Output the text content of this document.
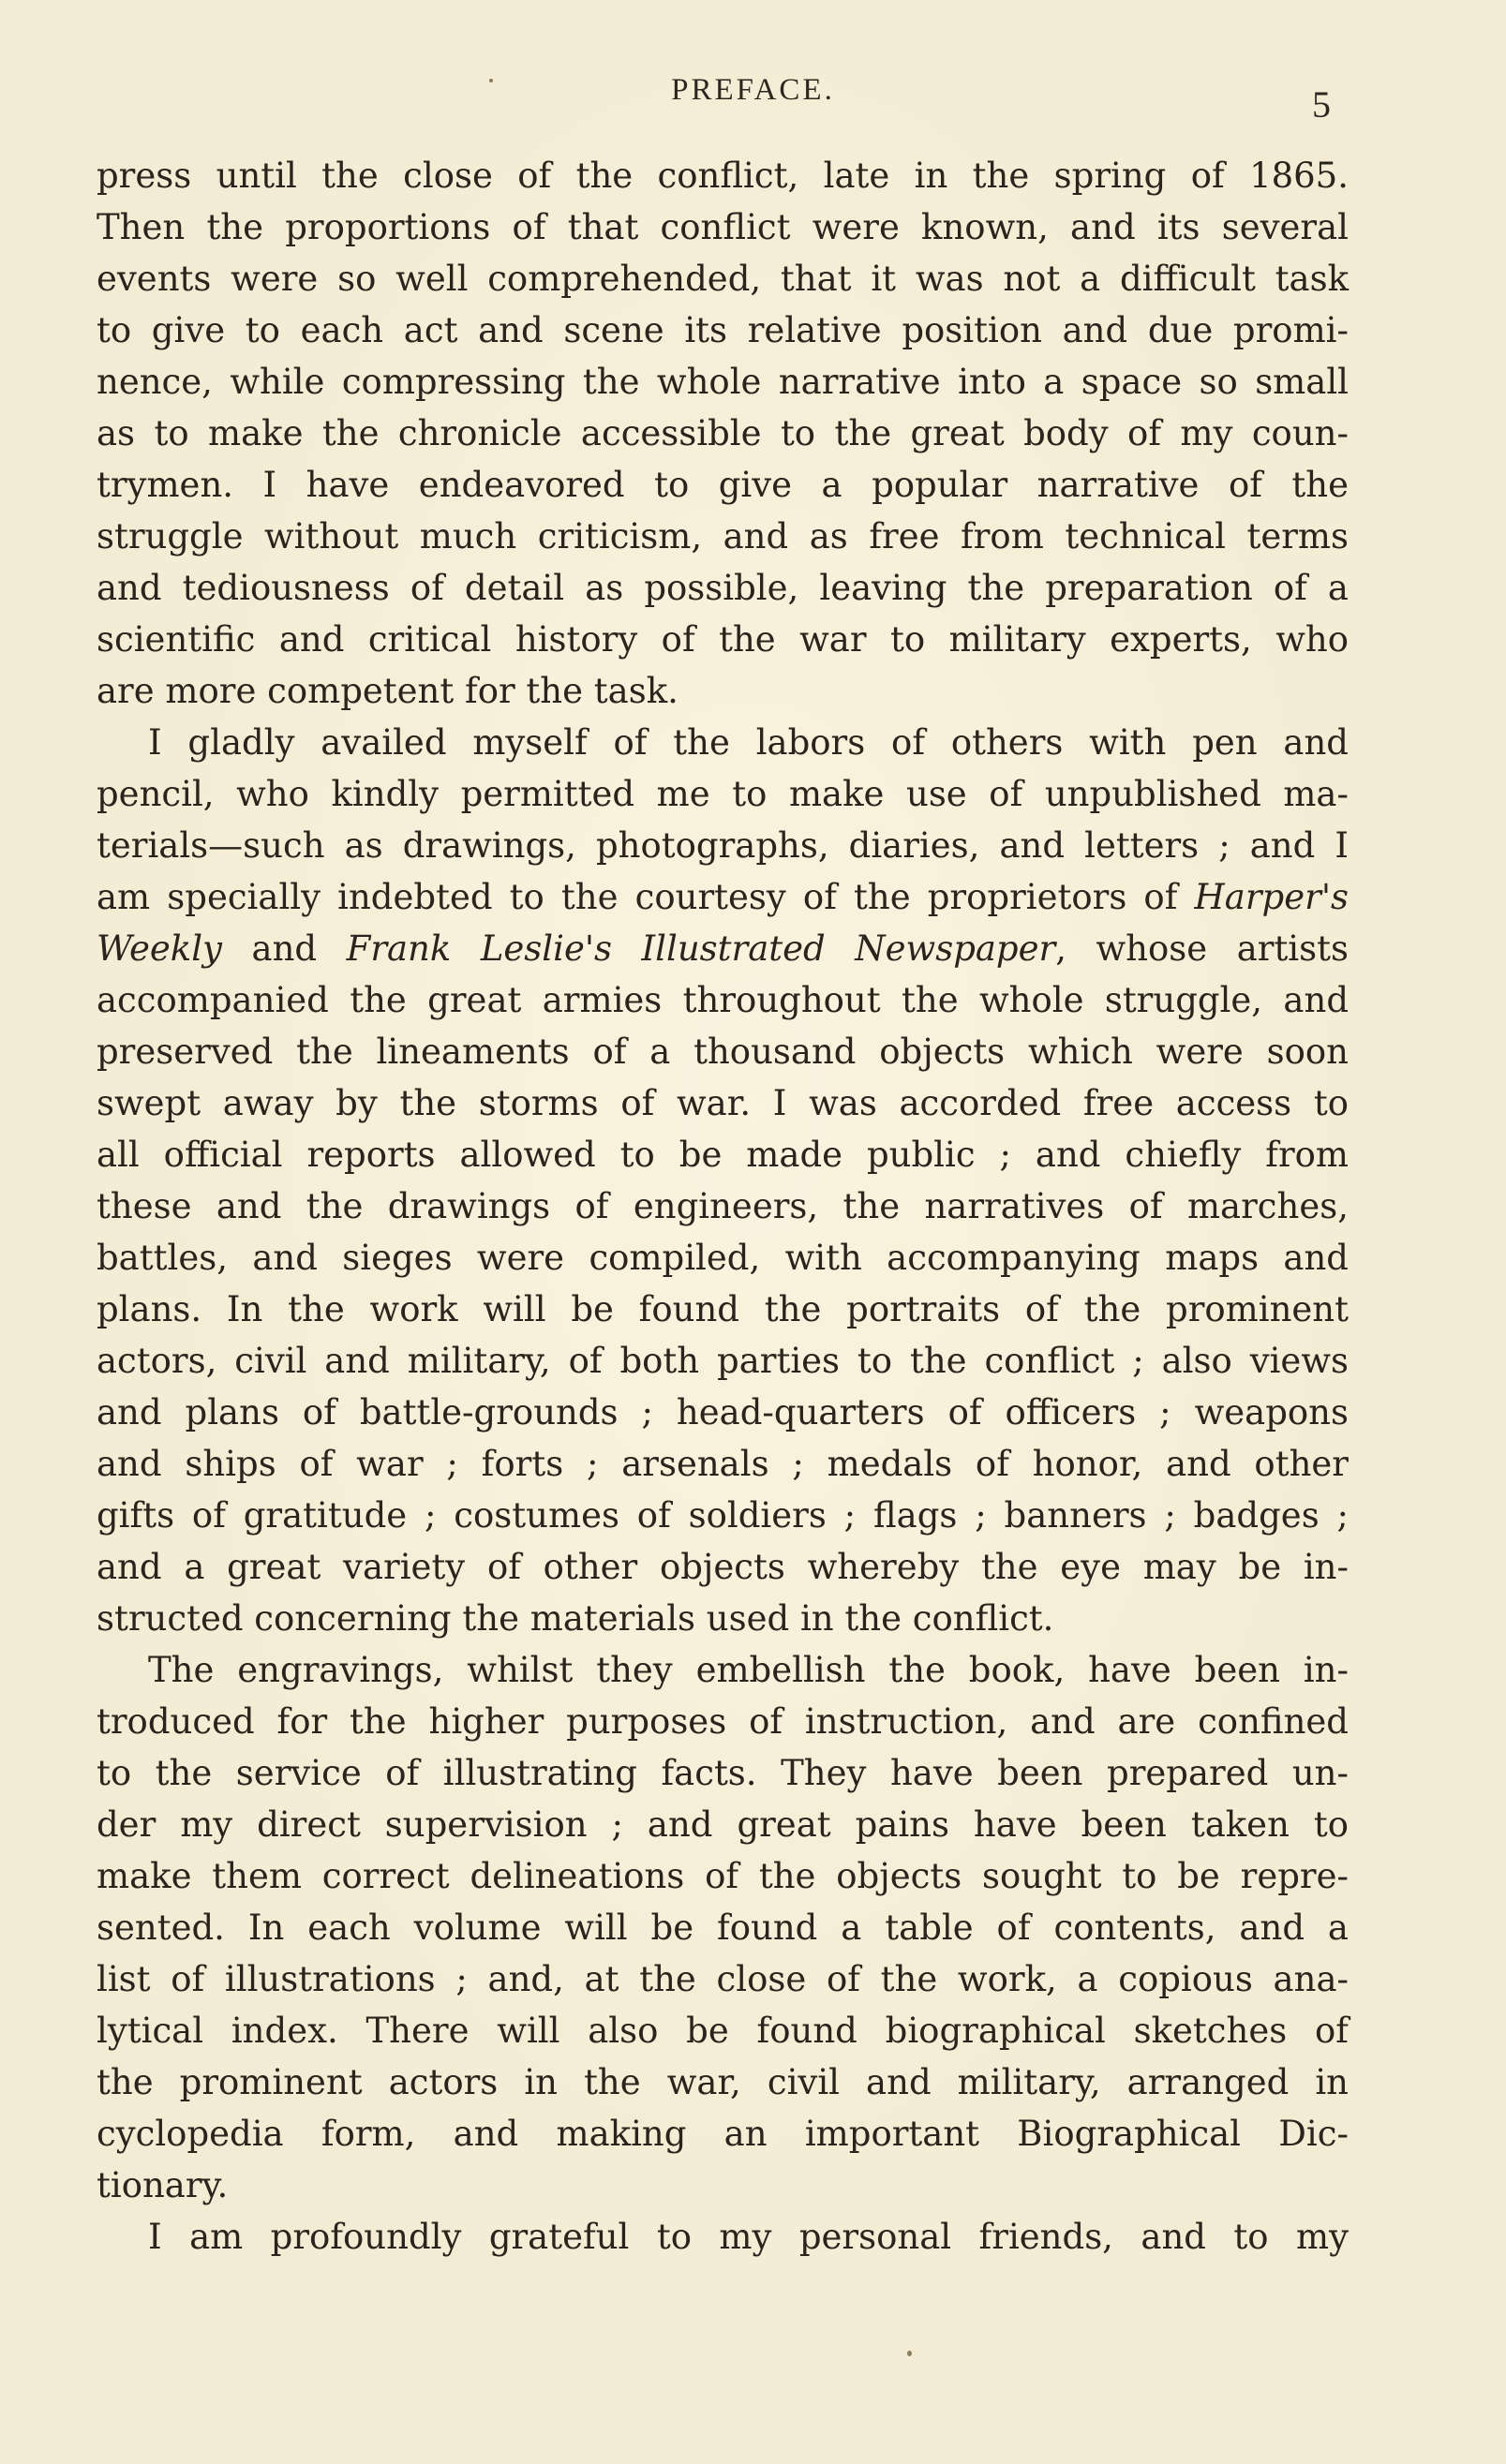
PREFACE.	5
press until the close of the conflict, late in the spring of 1865.
Then the proportions of that conflict were known, and its several
events were so well comprehended, that it was not a difficult task
to give to each act and scene its relative position and due promi-
nence, while compressing the whole narrative into a space so small
as to make the chronicle accessible to the great body of my coun-
trymen. I have endeavored to give a popular narrative of the
struggle without much criticism, and as free from technical terms
and tediousness of detail as possible, leaving the preparation of a
scientific and critical history of the war to military experts, who
are more competent for the task.
I gladly availed myself of the labors of others with pen and
pencil, who kindly permitted me to make use of unpublished ma-
terials—such as drawings, photographs, diaries, and letters ; and I
am specially indebted to the courtesy of the proprietors of Harper's
Weekly and Frank Leslie's Illustrated Newspaper, whose artists
accompanied the great armies throughout the whole struggle, and
preserved the lineaments of a thousand objects which were soon
swept away by the storms of war. I was accorded free access to
all official reports allowed to be made public ; and chiefly from
these and the drawings of engineers, the narratives of marches,
battles, and sieges were compiled, with accompanying maps and
plans. In the work will be found the portraits of the prominent
actors, civil and military, of both parties to the conflict ; also views
and plans of battle-grounds ; head-quarters of officers ; weapons
and ships of war ; forts ; arsenals ; medals of honor, and other
gifts of gratitude ; costumes of soldiers ; flags ; banners ; badges ;
and a great variety of other objects whereby the eye may be in-
structed concerning the materials used in the conflict.
The engravings, whilst they embellish the book, have been in-
troduced for the higher purposes of instruction, and are confined
to the service of illustrating facts. They have been prepared un-
der my direct supervision ; and great pains have been taken to
make them correct delineations of the objects sought to be repre-
sented. In each volume will be found a table of contents, and a
list of illustrations ; and, at the close of the work, a copious ana-
lytical index. There will also be found biographical sketches of
the prominent actors in the war, civil and military, arranged in
cyclopedia form, and making an important Biographical Dic-
tionary.
I am profoundly grateful to my personal friends, and to my
